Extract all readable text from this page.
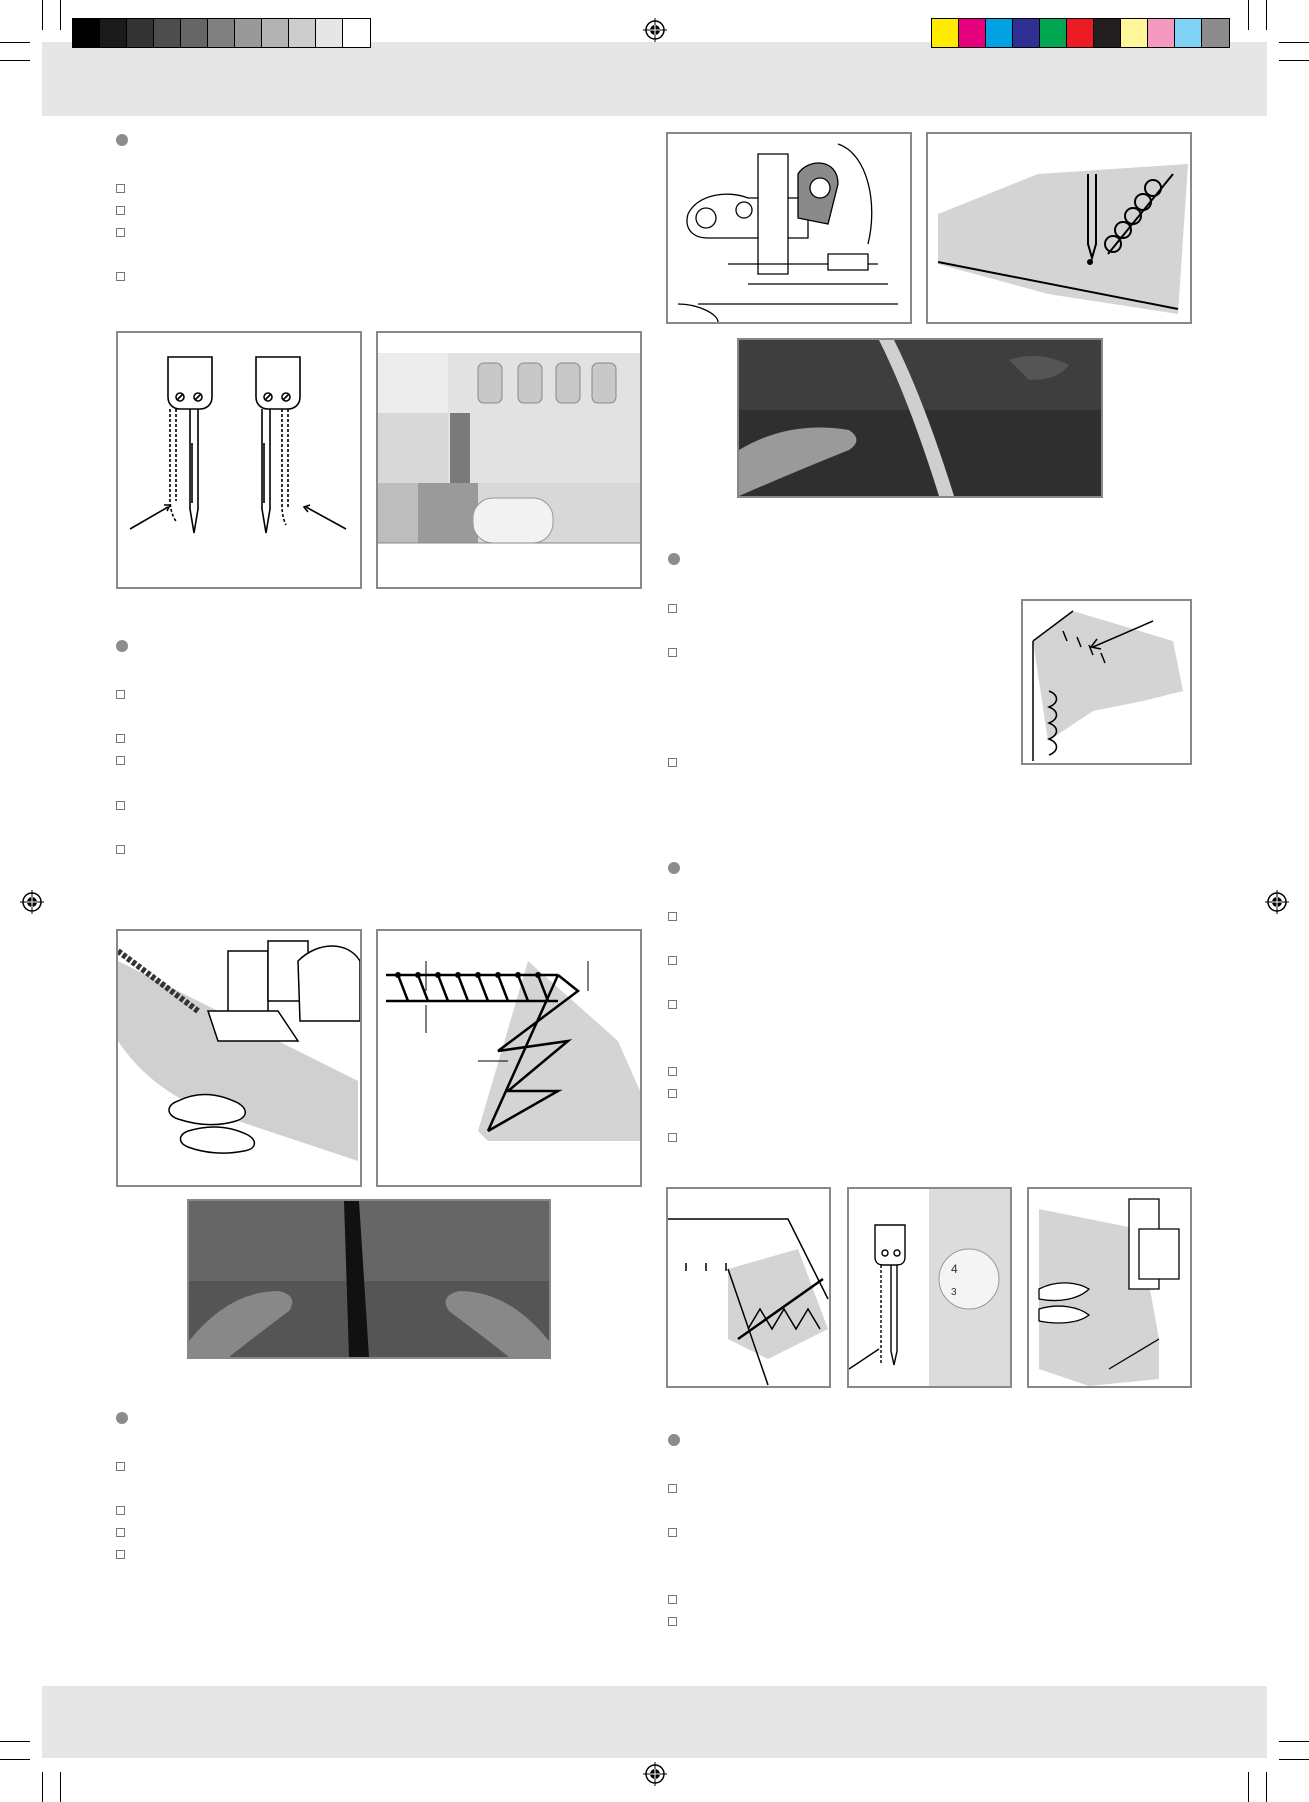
4
3
